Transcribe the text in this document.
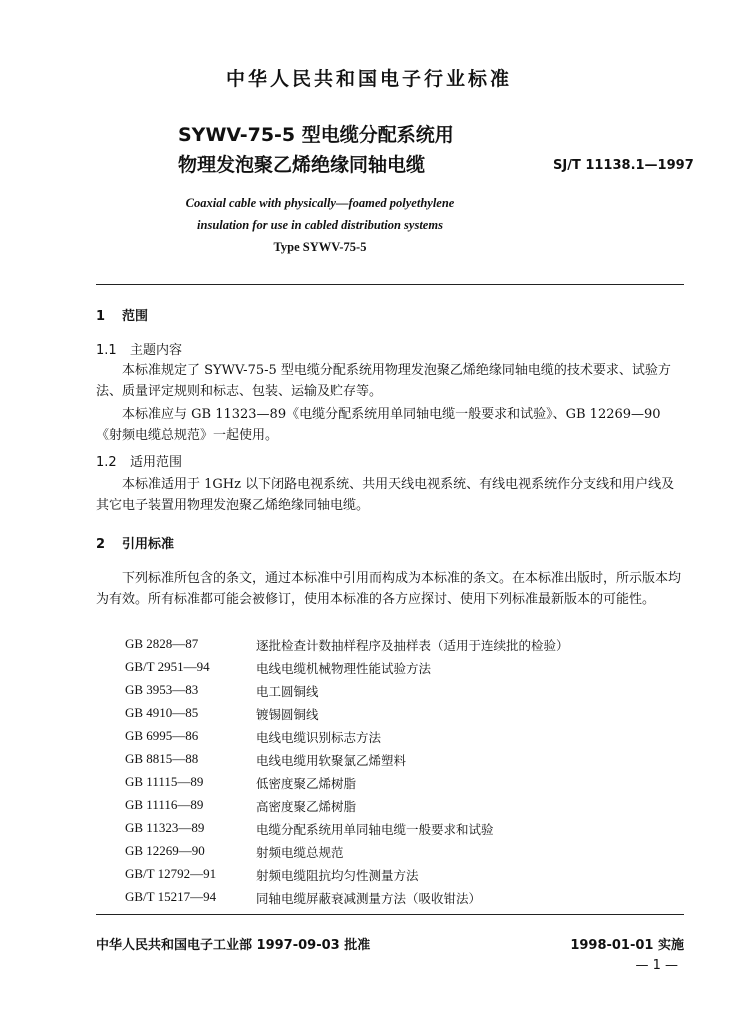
中华人民共和国电子行业标准
SYWV-75-5 型电缆分配系统用
物理发泡聚乙烯绝缘同轴电缆	SJ/T 11138.1—1997
Coaxial cable with physically—foamed polyethylene
insulation for use in cabled distribution systems
Type SYWV-75-5
1 范围
1.1 主题内容
本标准规定了 SYWV-75-5 型电缆分配系统用物理发泡聚乙烯绝缘同轴电缆的技术要求、试验方法、质量评定规则和标志、包装、运输及贮存等。
本标准应与 GB 11323—89《电缆分配系统用单同轴电缆一般要求和试验》、GB 12269—90《射频电缆总规范》一起使用。
1.2 适用范围
本标准适用于 1GHz 以下闭路电视系统、共用天线电视系统、有线电视系统作分支线和用户线及其它电子装置用物理发泡聚乙烯绝缘同轴电缆。
2 引用标准
下列标准所包含的条文，通过本标准中引用而构成为本标准的条文。在本标准出版时，所示版本均为有效。所有标准都可能会被修订，使用本标准的各方应探讨、使用下列标准最新版本的可能性。
GB 2828—87	逐批检查计数抽样程序及抽样表（适用于连续批的检验）
GB/T 2951—94	电线电缆机械物理性能试验方法
GB 3953—83	电工圆铜线
GB 4910—85	镀锡圆铜线
GB 6995—86	电线电缆识别标志方法
GB 8815—88	电线电缆用软聚氯乙烯塑料
GB 11115—89	低密度聚乙烯树脂
GB 11116—89	高密度聚乙烯树脂
GB 11323—89	电缆分配系统用单同轴电缆一般要求和试验
GB 12269—90	射频电缆总规范
GB/T 12792—91	射频电缆阻抗均匀性测量方法
GB/T 15217—94	同轴电缆屏蔽衰减测量方法（吸收钳法）
中华人民共和国电子工业部 1997-09-03 批准	1998-01-01 实施
— 1 —
